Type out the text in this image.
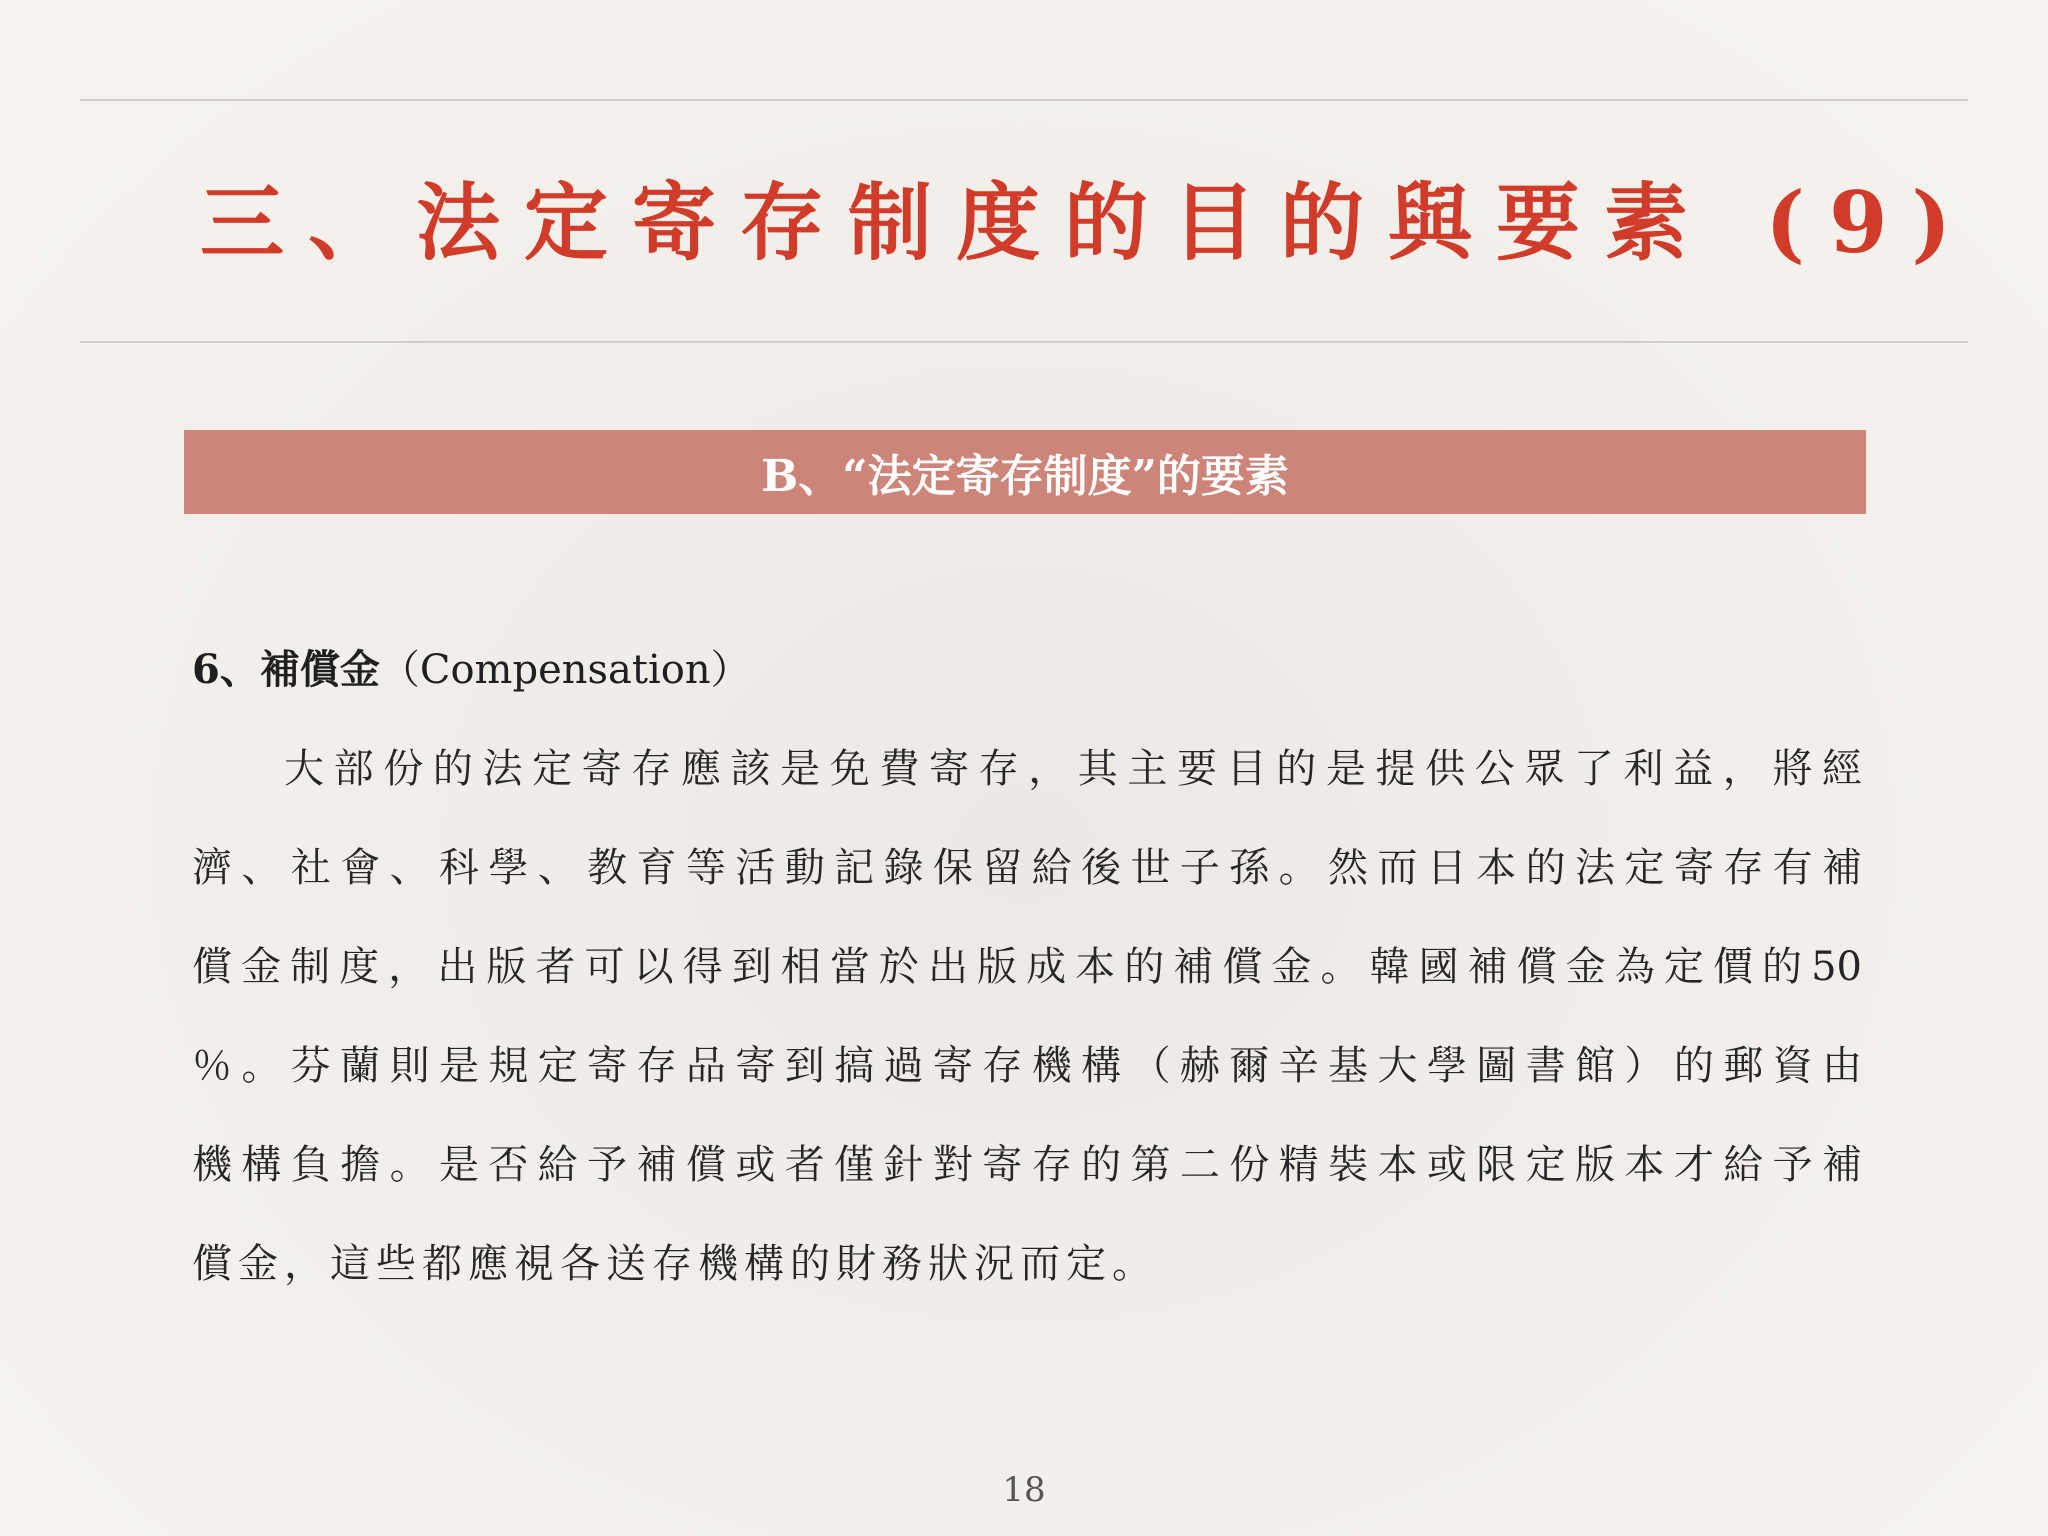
三、法定寄存制度的目的與要素 (9)
B、“法定寄存制度”的要素

6、補償金（Compensation）

大部份的法定寄存應該是免費寄存，其主要目的是提供公眾了利益，將經
濟、社會、科學、教育等活動記錄保留給後世子孫。然而日本的法定寄存有補
償金制度，出版者可以得到相當於出版成本的補償金。韓國補償金為定價的50
％。芬蘭則是規定寄存品寄到搞過寄存機構（赫爾辛基大學圖書館）的郵資由
機構負擔。是否給予補償或者僅針對寄存的第二份精裝本或限定版本才給予補
償金，這些都應視各送存機構的財務狀況而定。
18
